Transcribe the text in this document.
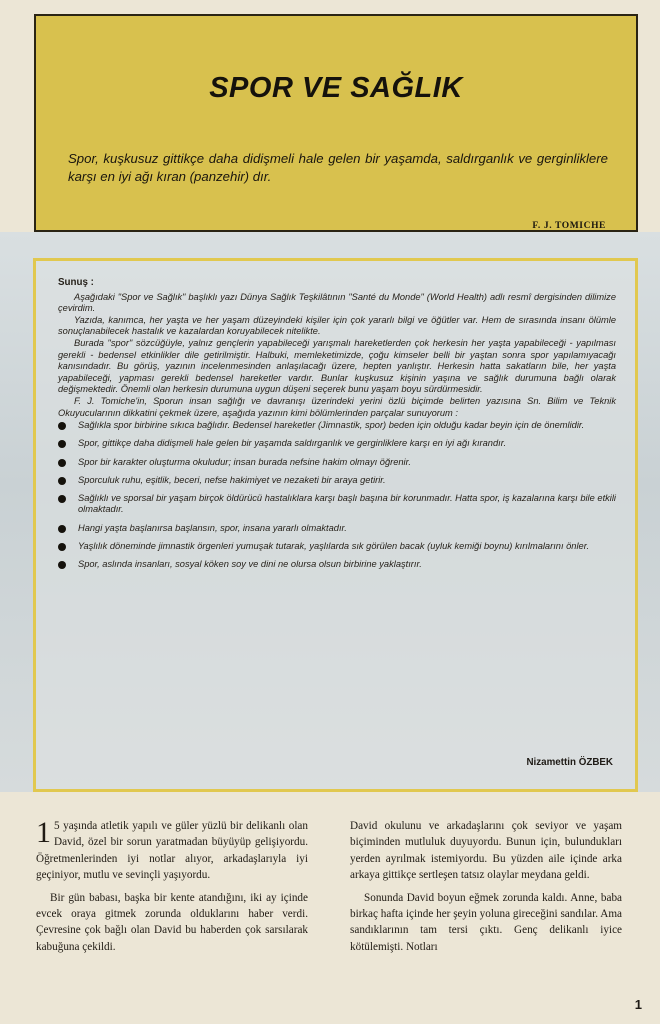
SPOR VE SAĞLIK

Spor, kuşkusuz gittikçe daha didişmeli hale gelen bir yaşamda, saldırganlık ve gerginliklere karşı en iyi ağı kıran (panzehir) dır.

F. J. TOMICHE
Sunuş :

Aşağıdaki "Spor ve Sağlık" başlıklı yazı Dünya Sağlık Teşkilâtının "Santé du Monde" (World Health) adlı resmî dergisinden dilimize çevirdim.

Yazıda, kanımca, her yaşta ve her yaşam düzeyindeki kişiler için çok yararlı bilgi ve öğütler var. Hem de sırasında insanı ölümle sonuçlanabilecek hastalık ve kazalardan koruyabilecek nitelikte.

Burada "spor" sözcüğüyle, yalnız gençlerin yapabileceği yarışmalı hareketlerden çok herkesin her yaşta yapabileceği - yapılması gerekli - bedensel etkinlikler dile getirilmiştir. Halbuki, memleketimizde, çoğu kimseler belli bir yaştan sonra spor yapılamıyacağı kanısındadır. Bu görüş, yazının incelenmesinden anlaşılacağı üzere, hepten yanlıştır. Herkesin hatta sakatların bile, her yaşta yapabileceği, yapması gerekli bedensel hareketler vardır. Bunlar kuşkusuz kişinin yaşına ve sağlık durumuna bağlı olarak değişmektedir. Önemli olan herkesin durumuna uygun düşeni seçerek bunu yaşam boyu sürdürmesidir.

F. J. Tomiche'in, Sporun insan sağlığı ve davranışı üzerindeki yerini özlü biçimde belirten yazısına Sn. Bilim ve Teknik Okuyucularının dikkatini çekmek üzere, aşağıda yazının kimi bölümlerinden parçalar sunuyorum :

Sağlıkla spor birbirine sıkıca bağlıdır. Bedensel hareketler (Jimnastik, spor) beden için olduğu kadar beyin için de önemlidir.
Spor, gittikçe daha didişmeli hale gelen bir yaşamda saldırganlık ve gerginliklere karşı en iyi ağı kırandır.
Spor bir karakter oluşturma okuludur; insan burada nefsine hakim olmayı öğrenir.
Sporculuk ruhu, eşitlik, beceri, nefse hakimiyet ve nezaketi bir araya getirir.
Sağlıklı ve sporsal bir yaşam birçok öldürücü hastalıklara karşı başlı başına bir korunmadır. Hatta spor, iş kazalarına karşı bile etkili olmaktadır.
Hangi yaşta başlanırsa başlansın, spor, insana yararlı olmaktadır.
Yaşlılık döneminde jimnastik örgenleri yumuşak tutarak, yaşlılarda sık görülen bacak (uyluk kemiği boynu) kırılmalarını önler.
Spor, aslında insanları, sosyal köken soy ve dini ne olursa olsun birbirine yaklaştırır.
Nizamettin ÖZBEK

1 5 yaşında atletik yapılı ve güler yüzlü bir delikanlı olan David, özel bir sorun yaratmadan büyüyüp gelişiyordu. Öğretmenlerinden iyi notlar alıyor, arkadaşlarıyla iyi geçiniyor, mutlu ve sevinçli yaşıyordu.

Bir gün babası, başka bir kente atandığını, iki ay içinde evcek oraya gitmek zorunda olduklarını haber verdi. Çevresine çok bağlı olan David bu haberden çok sarsılarak kabuğuna çekildi.

David okulunu ve arkadaşlarını çok seviyor ve yaşam biçiminden mutluluk duyuyordu. Bunun için, bulundukları yerden ayrılmak istemiyordu. Bu yüzden aile içinde arka arkaya gittikçe sertleşen tatsız olaylar meydana geldi.

Sonunda David boyun eğmek zorunda kaldı. Anne, baba birkaç hafta içinde her şeyin yoluna gireceğini sandılar. Ama sandıklarının tam tersi çıktı. Genç delikanlı iyice kötülemişti. Notları

1
